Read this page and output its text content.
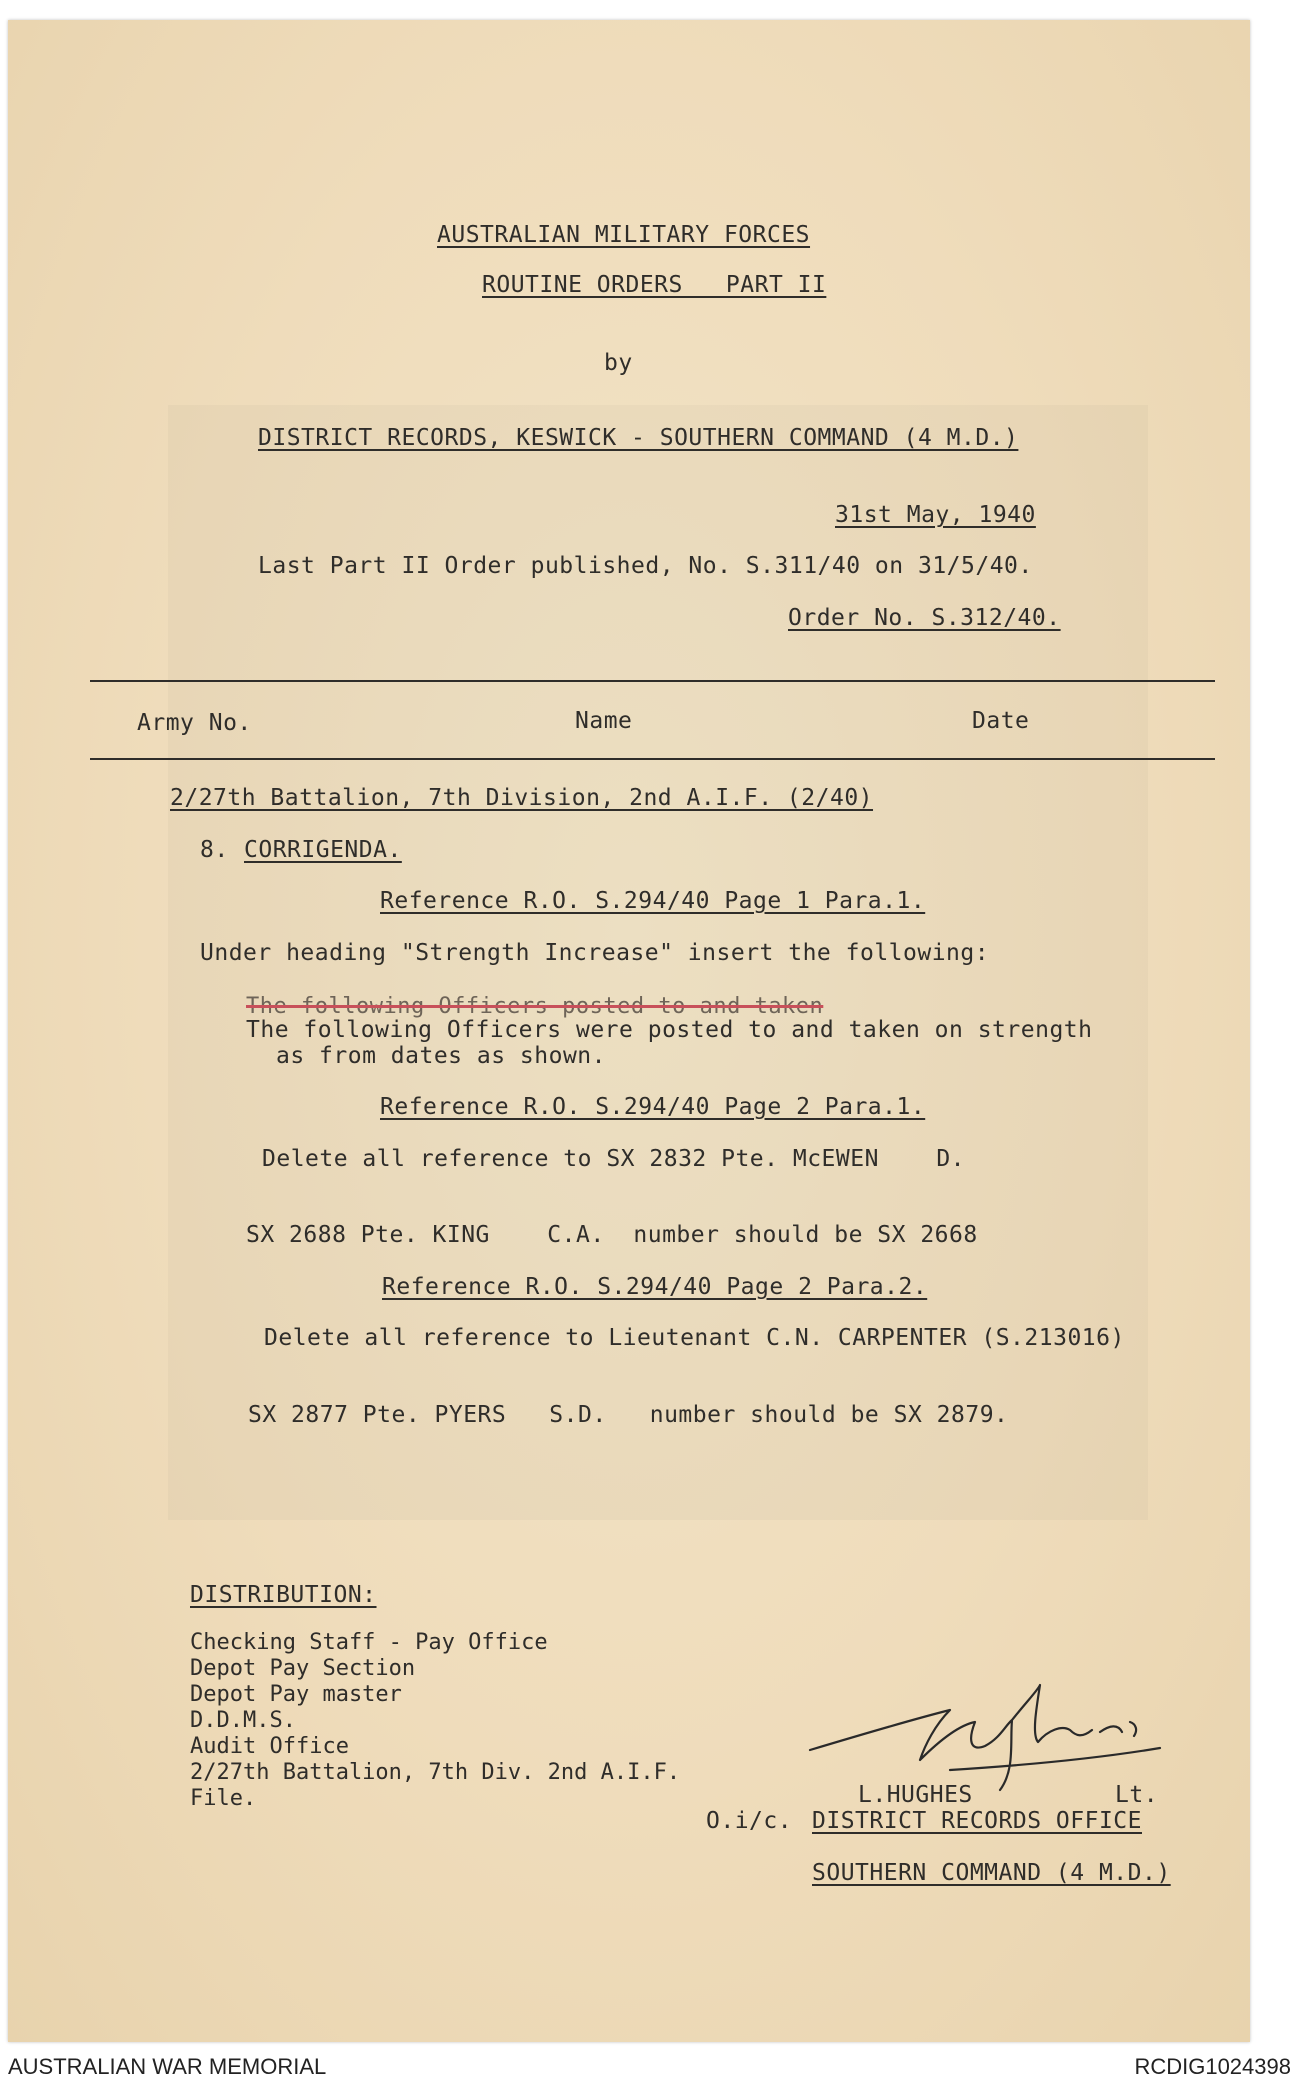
AUSTRALIAN MILITARY FORCES
ROUTINE ORDERS   PART II
by
DISTRICT RECORDS, KESWICK - SOUTHERN COMMAND (4 M.D.)
31st May, 1940
Last Part II Order published, No. S.311/40 on 31/5/40.
Order No. S.312/40.
Army No.	Name	Date
2/27th Battalion, 7th Division, 2nd A.I.F. (2/40)
8. CORRIGENDA.
Reference R.O. S.294/40 Page 1 Para.1.
Under heading "Strength Increase" insert the following:
The following Officers posted to and taken
The following Officers were posted to and taken on strength
as from dates as shown.
Reference R.O. S.294/40 Page 2 Para.1.
Delete all reference to SX 2832 Pte. McEWEN    D.
SX 2688 Pte. KING    C.A.  number should be SX 2668
Reference R.O. S.294/40 Page 2 Para.2.
Delete all reference to Lieutenant C.N. CARPENTER (S.213016)
SX 2877 Pte. PYERS   S.D.   number should be SX 2879.
DISTRIBUTION:
Checking Staff - Pay Office
Depot Pay Section
Depot Pay master
D.D.M.S.
Audit Office
2/27th Battalion, 7th Div. 2nd A.I.F.
File.	L.HUGHES	Lt.
O.i/c. DISTRICT RECORDS OFFICE
SOUTHERN COMMAND (4 M.D.)
AUSTRALIAN WAR MEMORIAL	RCDIG1024398
